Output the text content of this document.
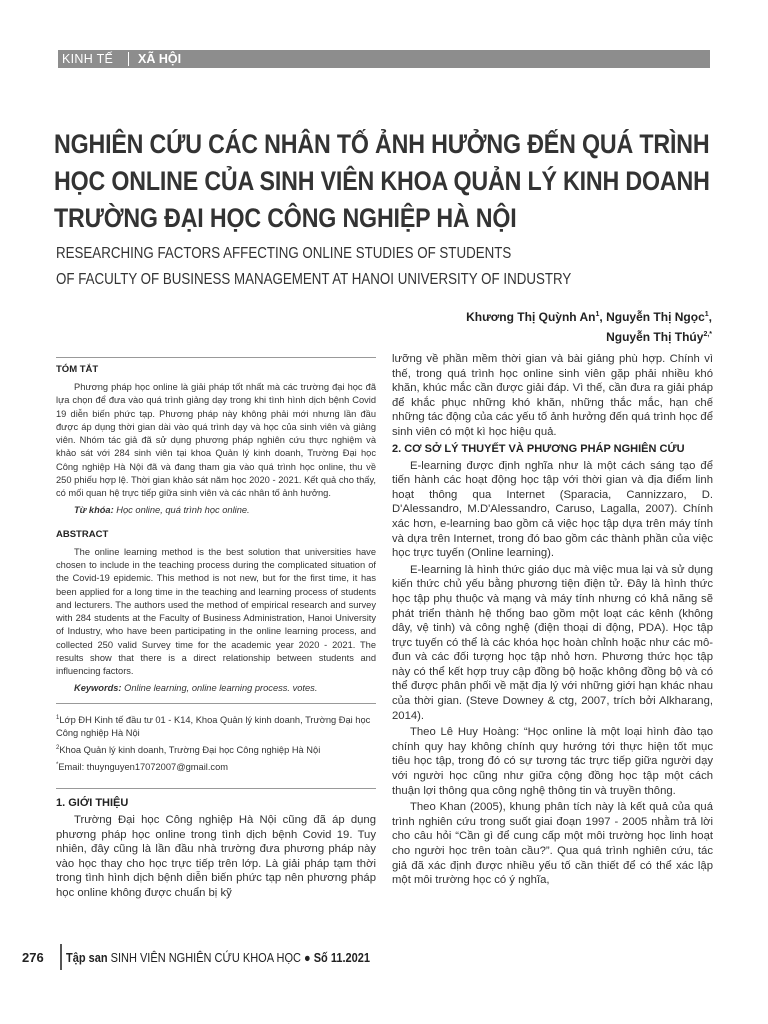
KINH TẾ XÃ HỘI
NGHIÊN CỨU CÁC NHÂN TỐ ẢNH HƯỞNG ĐẾN QUÁ TRÌNH
HỌC ONLINE CỦA SINH VIÊN KHOA QUẢN LÝ KINH DOANH
TRƯỜNG ĐẠI HỌC CÔNG NGHIỆP HÀ NỘI
RESEARCHING FACTORS AFFECTING ONLINE STUDIES OF STUDENTS
OF FACULTY OF BUSINESS MANAGEMENT AT HANOI UNIVERSITY OF INDUSTRY
Khương Thị Quỳnh An$^1$, Nguyễn Thị Ngọc$^1$,
Nguyễn Thị Thúy$^{2,*}$

TÓM TẮT

Phương pháp học online là giải pháp tốt nhất mà các trường đại học đã lựa chọn để đưa vào quá trình giảng dạy trong khi tình hình dịch bệnh Covid 19 diễn biến phức tạp. Phương pháp này không phải mới nhưng lần đầu được áp dụng thời gian dài vào quá trình dạy và học của sinh viên và giảng viên. Nhóm tác giả đã sử dụng phương pháp nghiên cứu thực nghiệm và khảo sát với 284 sinh viên tại khoa Quản lý kinh doanh, Trường Đại học Công nghiệp Hà Nội đã và đang tham gia vào quá trình học online, thu về 250 phiếu hợp lệ. Thời gian khảo sát năm học 2020 - 2021. Kết quả cho thấy, có mối quan hệ trực tiếp giữa sinh viên và các nhân tố ảnh hưởng.

Từ khóa: Học online, quá trình học online.

ABSTRACT

The online learning method is the best solution that universities have chosen to include in the teaching process during the complicated situation of the Covid-19 epidemic. This method is not new, but for the first time, it has been applied for a long time in the teaching and learning process of students and lecturers. The authors used the method of empirical research and survey with 284 students at the Faculty of Business Administration, Hanoi University of Industry, who have been participating in the online learning process, and collected 250 valid Survey time for the academic year 2020 - 2021. The results show that there is a direct relationship between students and influencing factors.

Keywords: Online learning, online learning process. votes.

$^1$Lớp ĐH Kinh tế đầu tư 01 - K14, Khoa Quản lý kinh doanh, Trường Đại học Công nghiệp Hà Nội

$^2$Khoa Quản lý kinh doanh, Trường Đại học Công nghiệp Hà Nội

*Email: thuynguyen17072007@gmail.com

1. GIỚI THIỆU

Trường Đại học Công nghiệp Hà Nội cũng đã áp dụng phương pháp học online trong tình dịch bệnh Covid 19. Tuy nhiên, đây cũng là lần đầu nhà trường đưa phương pháp này vào học thay cho học trực tiếp trên lớp. Là giải pháp tạm thời trong tình hình dịch bệnh diễn biến phức tạp nên phương pháp học online không được chuẩn bị kỹ

lưỡng về phần mềm thời gian và bài giảng phù hợp. Chính vì thế, trong quá trình học online sinh viên gặp phải nhiều khó khăn, khúc mắc cần được giải đáp. Vì thế, cần đưa ra giải pháp để khắc phục những khó khăn, những thắc mắc, hạn chế những tác động của các yếu tố ảnh hưởng đến quá trình học để sinh viên có một kì học hiệu quả.

2. CƠ SỞ LÝ THUYẾT VÀ PHƯƠNG PHÁP NGHIÊN CỨU

E-learning được định nghĩa như là một cách sáng tạo để tiến hành các hoạt động học tập với thời gian và địa điểm linh hoạt thông qua Internet (Sparacia, Cannizzaro, D. D'Alessandro, M.D'Alessandro, Caruso, Lagalla, 2007). Chính xác hơn, e-learning bao gồm cả việc học tập dựa trên máy tính và dựa trên Internet, trong đó bao gồm các thành phần của việc học trực tuyến (Online learning).

E-learning là hình thức giáo dục mà việc mua lại và sử dụng kiến thức chủ yếu bằng phương tiện điện tử. Đây là hình thức học tập phụ thuộc và mạng và máy tính nhưng có khả năng sẽ phát triển thành hệ thống bao gồm một loạt các kênh (không dây, vệ tinh) và công nghệ (điện thoại di động, PDA). Học tập trực tuyến có thể là các khóa học hoàn chỉnh hoặc như các mô-đun và các đối tượng học tập nhỏ hơn. Phương thức học tập này có thể kết hợp truy cập đồng bộ hoặc không đồng bộ và có thể được phân phối về mặt địa lý với những giới hạn khác nhau của thời gian. (Steve Downey & ctg, 2007, trích bởi Alkharang, 2014).

Theo Lê Huy Hoàng: “Học online là một loại hình đào tạo chính quy hay không chính quy hướng tới thực hiện tốt mục tiêu học tập, trong đó có sự tương tác trực tiếp giữa người dạy với người học cũng như giữa cộng đồng học tập một cách thuận lợi thông qua công nghệ thông tin và truyền thông.

Theo Khan (2005), khung phân tích này là kết quả của quá trình nghiên cứu trong suốt giai đoạn 1997 - 2005 nhằm trả lời cho câu hỏi “Cần gì để cung cấp một môi trường học linh hoạt cho người học trên toàn cầu?”. Qua quá trình nghiên cứu, tác giả đã xác định được nhiều yếu tố cần thiết để có thể xác lập một môi trường học có ý nghĩa,

276 Tập san SINH VIÊN NGHIÊN CỨU KHOA HỌC ● Số 11.2021
